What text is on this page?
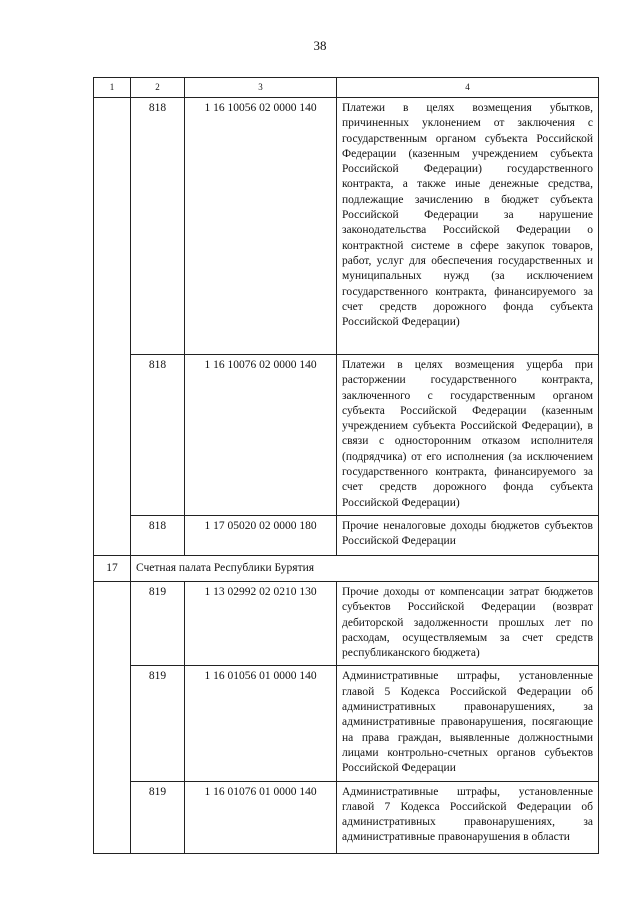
38
1	2	3	4
	818	1 16 10056 02 0000 140	Платежи в целях возмещения убытков, причиненных уклонением от заключения с государственным органом субъекта Российской Федерации (казенным учреждением субъекта Российской Федерации) государственного контракта, а также иные денежные средства, подлежащие зачислению в бюджет субъекта Российской Федерации за нарушение законодательства Российской Федерации о контрактной системе в сфере закупок товаров, работ, услуг для обеспечения государственных и муниципальных нужд (за исключением государственного контракта, финансируемого за счет средств дорожного фонда субъекта Российской Федерации)
	818	1 16 10076 02 0000 140	Платежи в целях возмещения ущерба при расторжении государственного контракта, заключенного с государственным органом субъекта Российской Федерации (казенным учреждением субъекта Российской Федерации), в связи с односторонним отказом исполнителя (подрядчика) от его исполнения (за исключением государственного контракта, финансируемого за счет средств дорожного фонда субъекта Российской Федерации)
	818	1 17 05020 02 0000 180	Прочие неналоговые доходы бюджетов субъектов Российской Федерации
17	Счетная палата Республики Бурятия		
	819	1 13 02992 02 0210 130	Прочие доходы от компенсации затрат бюджетов субъектов Российской Федерации (возврат дебиторской задолженности прошлых лет по расходам, осуществляемым за счет средств республиканского бюджета)
	819	1 16 01056 01 0000 140	Административные штрафы, установленные главой 5 Кодекса Российской Федерации об административных правонарушениях, за административные правонарушения, посягающие на права граждан, выявленные должностными лицами контрольно-счетных органов субъектов Российской Федерации
	819	1 16 01076 01 0000 140	Административные штрафы, установленные главой 7 Кодекса Российской Федерации об административных правонарушениях, за административные правонарушения в области
